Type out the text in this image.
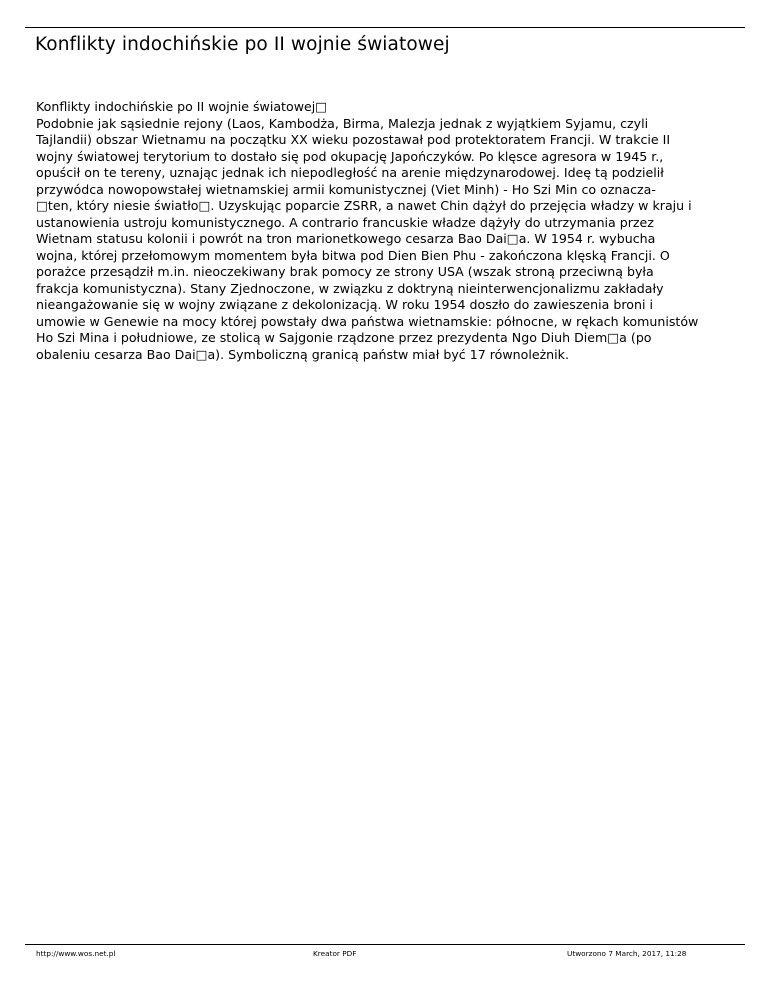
Konflikty indochińskie po II wojnie światowej
Konflikty indochińskie po II wojnie światowej□
Podobnie jak sąsiednie rejony (Laos, Kambodża, Birma, Malezja jednak z wyjątkiem Syjamu, czyli
Tajlandii) obszar Wietnamu na początku XX wieku pozostawał pod protektoratem Francji. W trakcie II
wojny światowej terytorium to dostało się pod okupację Japończyków. Po klęsce agresora w 1945 r.,
opuścił on te tereny, uznając jednak ich niepodległość na arenie międzynarodowej. Ideę tą podzielił
przywódca nowopowstałej wietnamskiej armii komunistycznej (Viet Minh) - Ho Szi Min co oznacza-
□ten, który niesie światło□. Uzyskując poparcie ZSRR, a nawet Chin dążył do przejęcia władzy w kraju i
ustanowienia ustroju komunistycznego. A contrario francuskie władze dążyły do utrzymania przez
Wietnam statusu kolonii i powrót na tron marionetkowego cesarza Bao Dai□a. W 1954 r. wybucha
wojna, której przełomowym momentem była bitwa pod Dien Bien Phu - zakończona klęską Francji. O
porażce przesądził m.in. nieoczekiwany brak pomocy ze strony USA (wszak stroną przeciwną była
frakcja komunistyczna). Stany Zjednoczone, w związku z doktryną nieinterwencjonalizmu zakładały
nieangażowanie się w wojny związane z dekolonizacją. W roku 1954 doszło do zawieszenia broni i
umowie w Genewie na mocy której powstały dwa państwa wietnamskie: północne, w rękach komunistów
Ho Szi Mina i południowe, ze stolicą w Sajgonie rządzone przez prezydenta Ngo Diuh Diem□a (po
obaleniu cesarza Bao Dai□a). Symboliczną granicą państw miał być 17 równoleżnik.
http://www.wos.net.pl	Kreator PDF	Utworzono 7 March, 2017, 11:28
